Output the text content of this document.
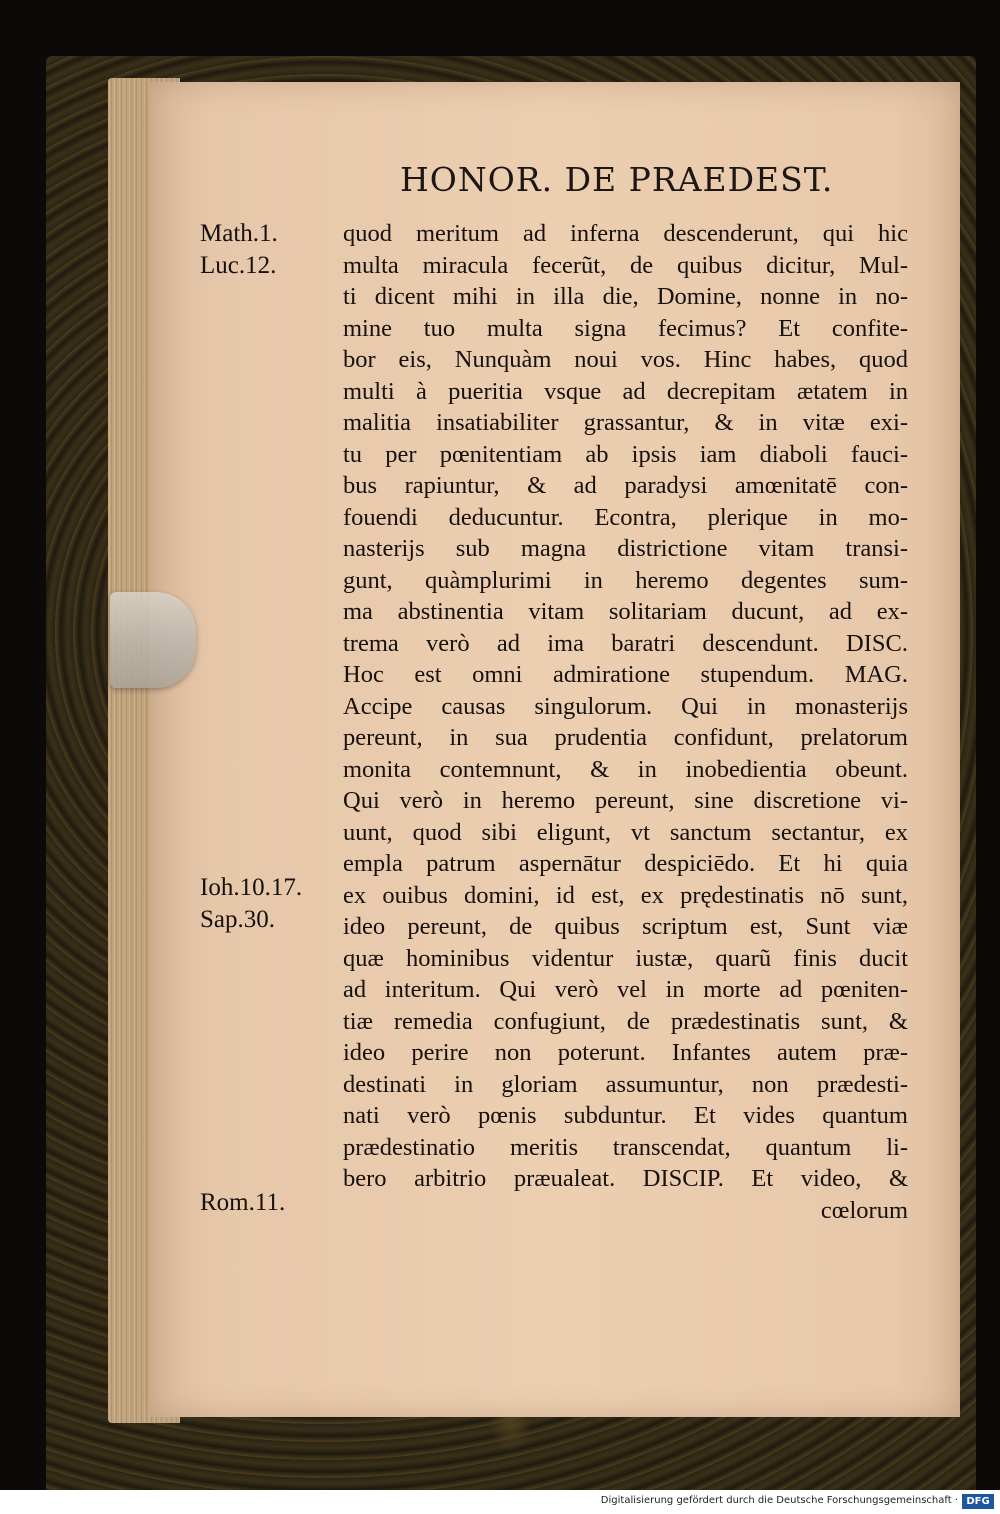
HONOR. DE PRAEDEST.
Math.1.
Luc.12.
Ioh.10.17.
Sap.30.
Rom.11.
quod meritum ad inferna descenderunt, qui hic
multa miracula fecerũt, de quibus dicitur, Mul-
ti dicent mihi in illa die, Domine, nonne in no-
mine tuo multa signa fecimus? Et confite-
bor eis, Nunquàm noui vos. Hinc habes, quod
multi à pueritia vsque ad decrepitam ætatem in
malitia insatiabiliter grassantur, & in vitæ exi-
tu per pœnitentiam ab ipsis iam diaboli fauci-
bus rapiuntur, & ad paradysi amœnitatē con-
fouendi deducuntur. Econtra, plerique in mo-
nasterijs sub magna districtione vitam transi-
gunt, quàmplurimi in heremo degentes sum-
ma abstinentia vitam solitariam ducunt, ad ex-
trema verò ad ima baratri descendunt. DISC.
Hoc est omni admiratione stupendum. MAG.
Accipe causas singulorum. Qui in monasterijs
pereunt, in sua prudentia confidunt, prelatorum
monita contemnunt, & in inobedientia obeunt.
Qui verò in heremo pereunt, sine discretione vi-
uunt, quod sibi eligunt, vt sanctum sectantur, ex
empla patrum aspernātur despiciēdo. Et hi quia
ex ouibus domini, id est, ex prędestinatis nō sunt,
ideo pereunt, de quibus scriptum est, Sunt viæ
quæ hominibus videntur iustæ, quarũ finis ducit
ad interitum. Qui verò vel in morte ad pœniten-
tiæ remedia confugiunt, de prædestinatis sunt, &
ideo perire non poterunt. Infantes autem præ-
destinati in gloriam assumuntur, non prædesti-
nati verò pœnis subduntur. Et vides quantum
prædestinatio meritis transcendat, quantum li-
bero arbitrio præualeat. DISCIP. Et video, &
cœlorum
Digitalisierung gefördert durch die Deutsche Forschungsgemeinschaft · DFG
